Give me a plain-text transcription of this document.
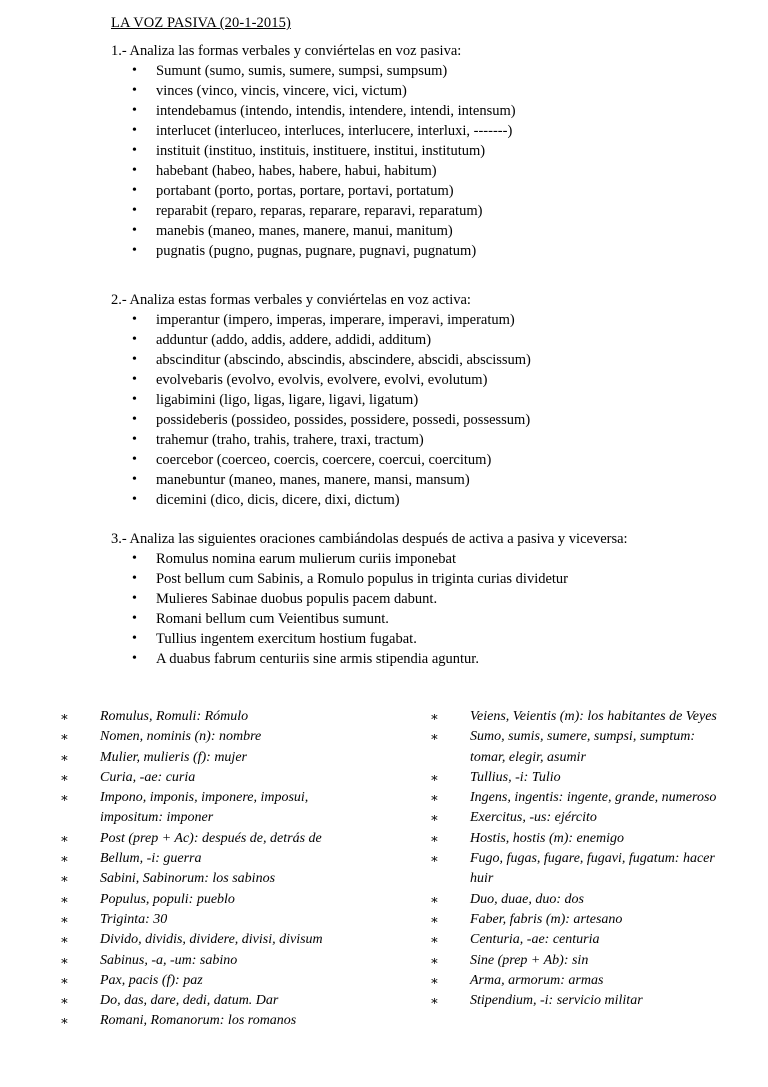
LA VOZ PASIVA (20-1-2015)
1.- Analiza las formas verbales y conviértelas en voz pasiva:
• Sumunt (sumo, sumis, sumere, sumpsi, sumpsum)
• vinces (vinco, vincis, vincere, vici, victum)
• intendebamus (intendo, intendis, intendere, intendi, intensum)
• interlucet (interluceo, interluces, interlucere, interluxi, -------)
• instituit (instituo, instituis, instituere, institui, institutum)
• habebant (habeo, habes, habere, habui, habitum)
• portabant (porto, portas, portare, portavi, portatum)
• reparabit (reparo, reparas, reparare, reparavi, reparatum)
• manebis (maneo, manes, manere, manui, manitum)
• pugnatis (pugno, pugnas, pugnare, pugnavi, pugnatum)
2.- Analiza estas formas verbales y conviértelas en voz activa:
• imperantur (impero, imperas, imperare, imperavi, imperatum)
• adduntur (addo, addis, addere, addidi, additum)
• abscinditur (abscindo, abscindis, abscindere, abscidi, abscissum)
• evolvebaris (evolvo, evolvis, evolvere, evolvi, evolutum)
• ligabimini (ligo, ligas, ligare, ligavi, ligatum)
• possideberis (possideo, possides, possidere, possedi, possessum)
• trahemur (traho, trahis, trahere, traxi, tractum)
• coercebor (coerceo, coercis, coercere, coercui, coercitum)
• manebuntur (maneo, manes, manere, mansi, mansum)
• dicemini (dico, dicis, dicere, dixi, dictum)
3.- Analiza las siguientes oraciones cambiándolas después de activa a pasiva y viceversa:
• Romulus nomina earum mulierum curiis imponebat
• Post bellum cum Sabinis, a Romulo populus in triginta curias dividetur
• Mulieres Sabinae duobus populis pacem dabunt.
• Romani bellum cum Veientibus sumunt.
• Tullius ingentem exercitum hostium fugabat.
• A duabus fabrum centuriis sine armis stipendia aguntur.
∗ Romulus, Romuli: Rómulo
∗ Nomen, nominis (n): nombre
∗ Mulier, mulieris (f): mujer
∗ Curia, -ae: curia
∗ Impono, imponis, imponere, imposui, impositum: imponer
∗ Post (prep + Ac): después de, detrás de
∗ Bellum, -i: guerra
∗ Sabini, Sabinorum: los sabinos
∗ Populus, populi: pueblo
∗ Triginta: 30
∗ Divido, dividis, dividere, divisi, divisum
∗ Sabinus, -a, -um: sabino
∗ Pax, pacis (f): paz
∗ Do, das, dare, dedi, datum. Dar
∗ Romani, Romanorum: los romanos
∗ Veiens, Veientis (m): los habitantes de Veyes
∗ Sumo, sumis, sumere, sumpsi, sumptum: tomar, elegir, asumir
∗ Tullius, -i: Tulio
∗ Ingens, ingentis: ingente, grande, numeroso
∗ Exercitus, -us: ejército
∗ Hostis, hostis (m): enemigo
∗ Fugo, fugas, fugare, fugavi, fugatum: hacer huir
∗ Duo, duae, duo: dos
∗ Faber, fabris (m): artesano
∗ Centuria, -ae: centuria
∗ Sine (prep + Ab): sin
∗ Arma, armorum: armas
∗ Stipendium, -i: servicio militar
